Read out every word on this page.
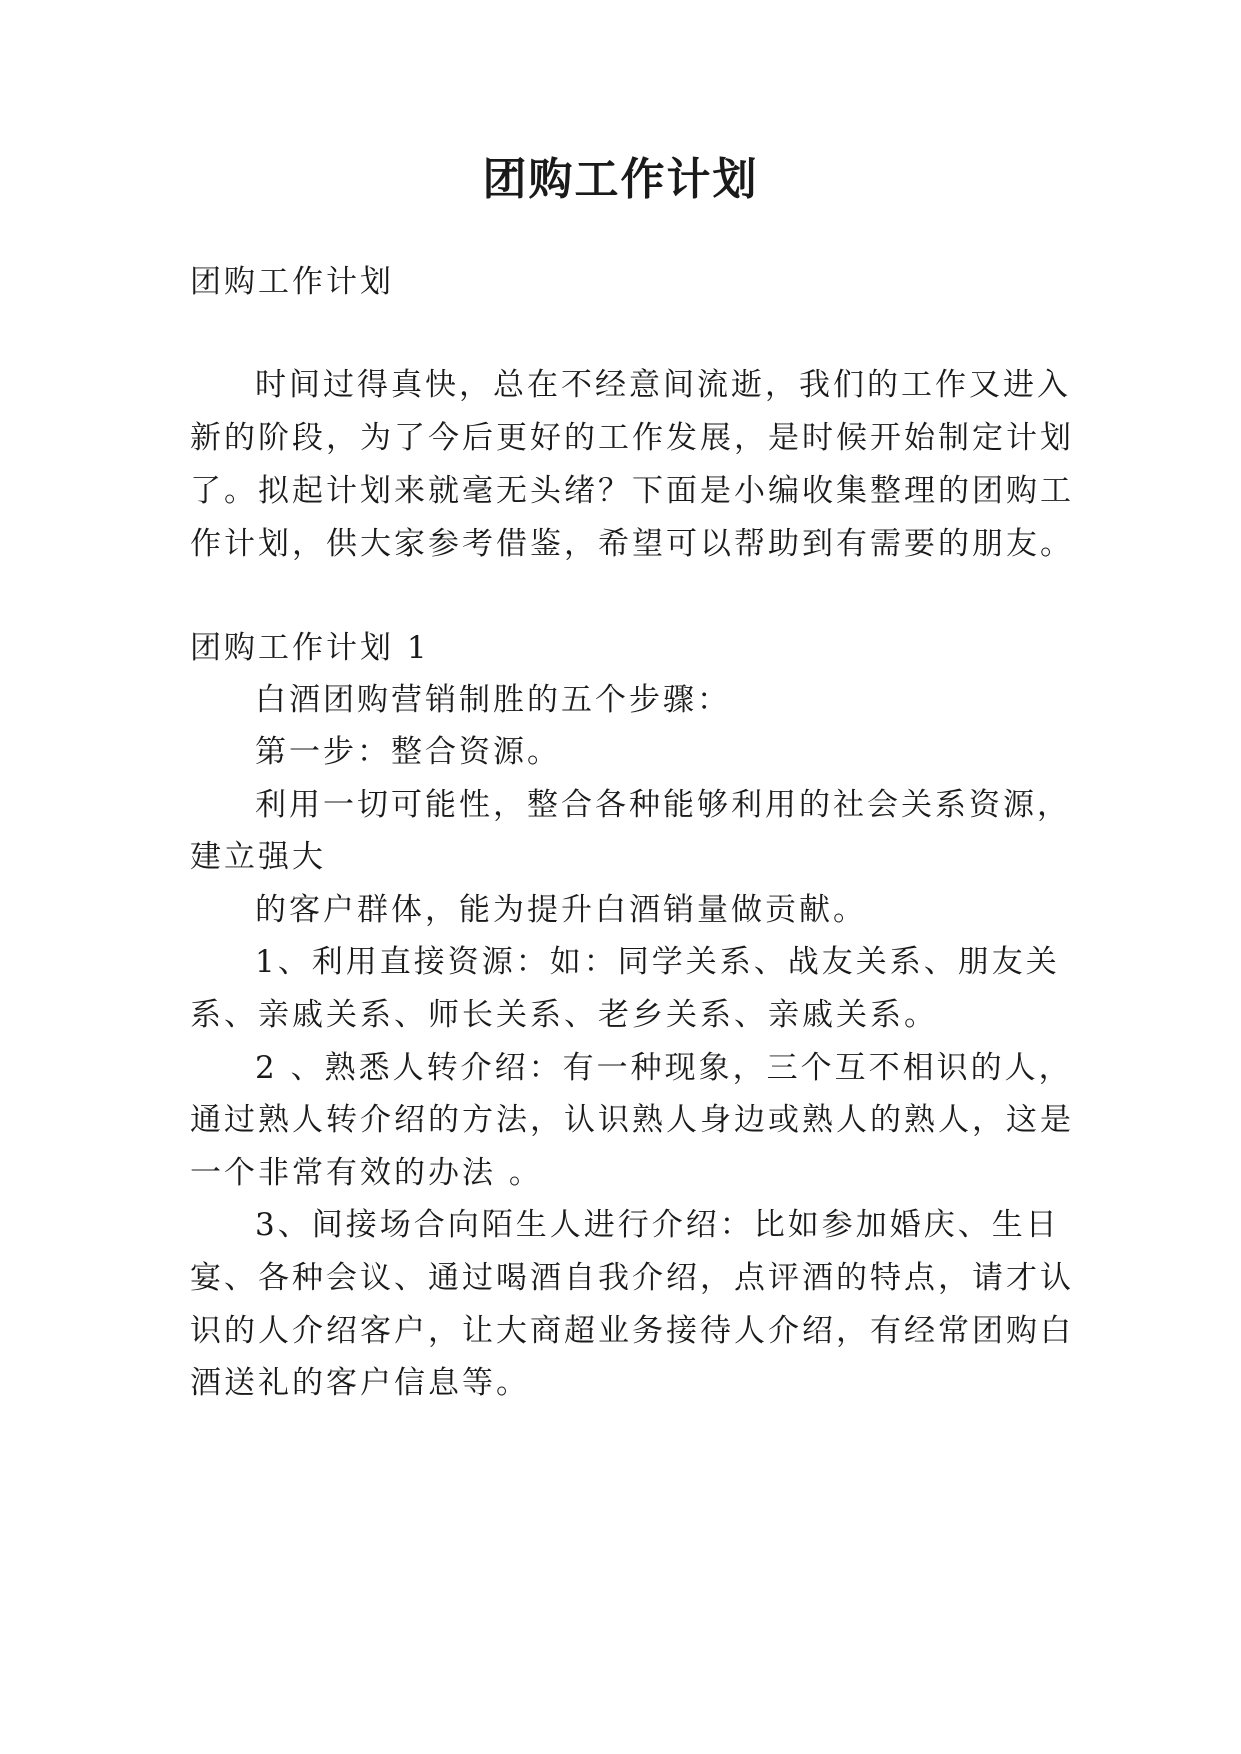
团购工作计划
团购工作计划
时间过得真快，总在不经意间流逝，我们的工作又进入
新的阶段，为了今后更好的工作发展，是时候开始制定计划
了。拟起计划来就毫无头绪？下面是小编收集整理的团购工
作计划，供大家参考借鉴，希望可以帮助到有需要的朋友。
团购工作计划 1
白酒团购营销制胜的五个步骤：
第一步：整合资源。
利用一切可能性，整合各种能够利用的社会关系资源，
建立强大
的客户群体，能为提升白酒销量做贡献。
1、利用直接资源：如：同学关系、战友关系、朋友关
系、亲戚关系、师长关系、老乡关系、亲戚关系。
2 、熟悉人转介绍：有一种现象，三个互不相识的人，
通过熟人转介绍的方法，认识熟人身边或熟人的熟人，这是
一个非常有效的办法 。
3、间接场合向陌生人进行介绍：比如参加婚庆、生日
宴、各种会议、通过喝酒自我介绍，点评酒的特点，请才认
识的人介绍客户，让大商超业务接待人介绍，有经常团购白
酒送礼的客户信息等。
